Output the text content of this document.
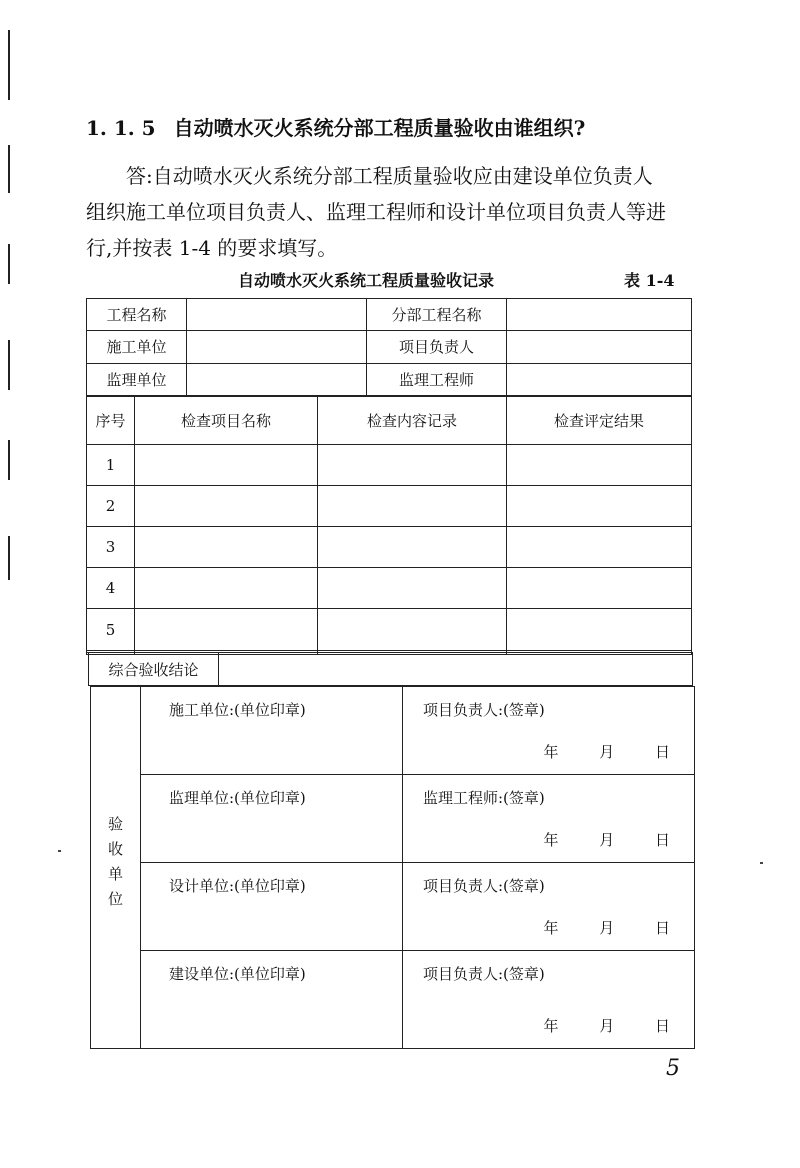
1. 1. 5 自动喷水灭火系统分部工程质量验收由谁组织?

答:自动喷水灭火系统分部工程质量验收应由建设单位负责人

组织施工单位项目负责人、监理工程师和设计单位项目负责人等进

行,并按表 1-4 的要求填写。

自动喷水灭火系统工程质量验收记录	表 1-4
工程名称		分部工程名称	
施工单位		项目负责人	
监理单位		监理工程师	
序号	检查项目名称	检查内容记录	检查评定结果
1			
2			
3			
4			
5			

综合验收结论	
验收单位	施工单位:(单位印章)	项目负责人:(签章)
年 月 日

	监理单位:(单位印章)	监理工程师:(签章)
年 月 日

	设计单位:(单位印章)	项目负责人:(签章)
年 月 日

	建设单位:(单位印章)	项目负责人:(签章)
年 月 日
5
